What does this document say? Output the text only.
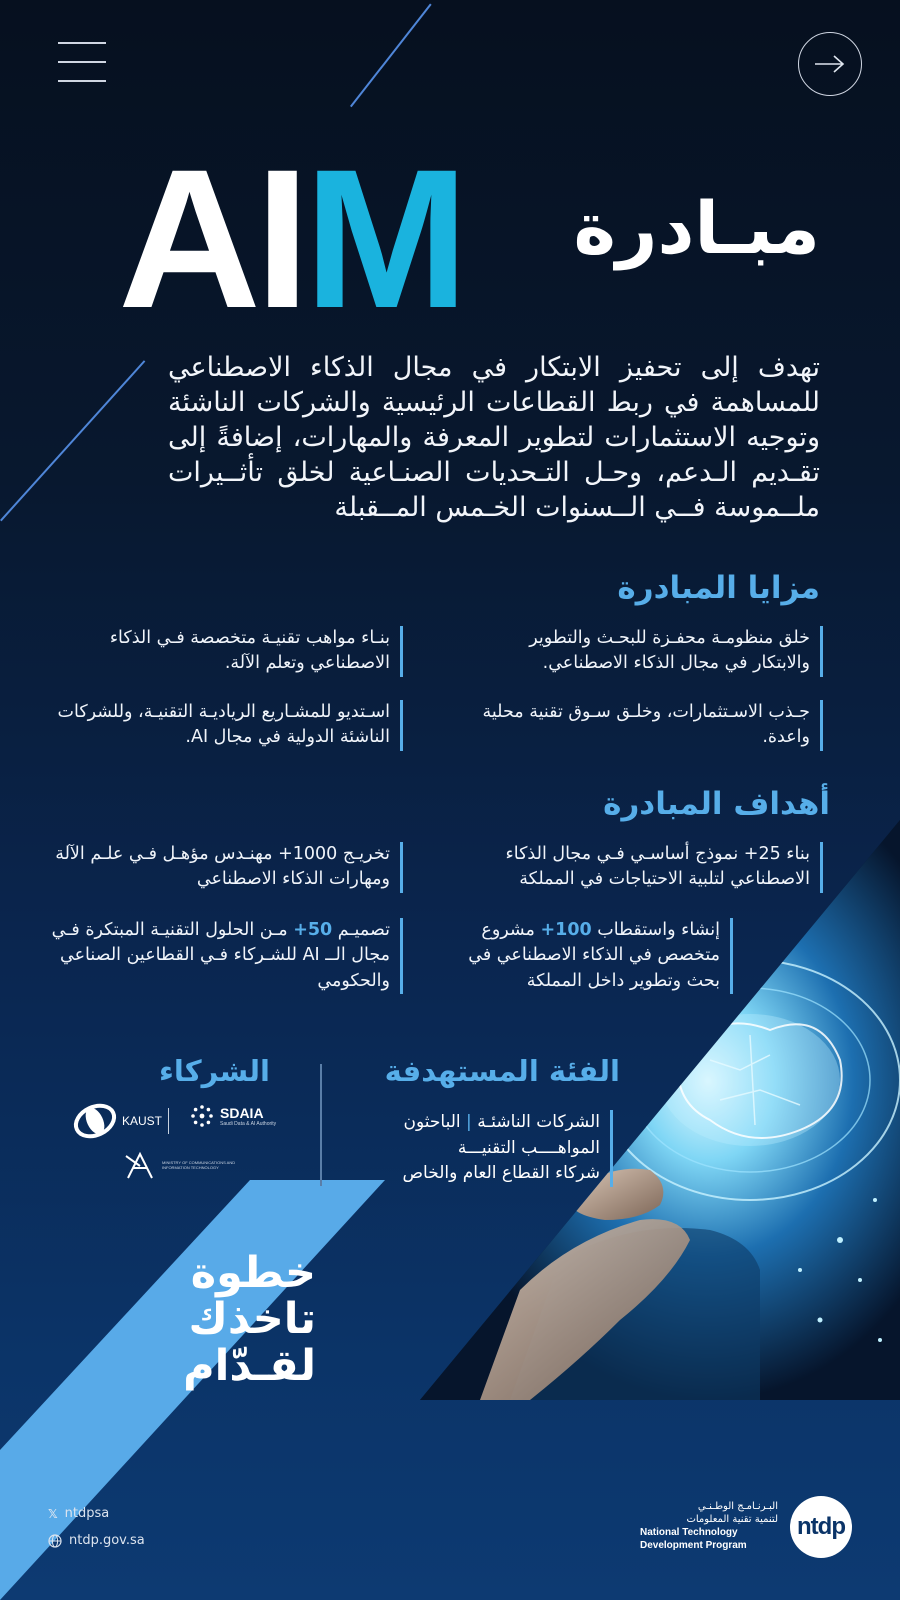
AIM مبـادرة
تهدف إلى تحفيز الابتكار في مجال الذكاء الاصطناعي للمساهمة في ربط القطاعات الرئيسية والشركات الناشئة وتوجيه الاستثمارات لتطوير المعرفة والمهارات، إضافةً إلى تقـديم الـدعم، وحـل التـحديات الصنـاعية لخلق تأثــيرات ملــموسة فــي الــسنوات الخـمس المــقبلة
مزايا المبادرة
خلق منظومـة محفـزة للبحـث والتطوير والابتكار في مجال الذكاء الاصطناعي.
بنـاء مواهب تقنيـة متخصصة فـي الذكاء الاصطناعي وتعلم الآلة.
جـذب الاسـتثمارات، وخلـق سـوق تقنية محلية واعدة.
اسـتديو للمشـاريع الرياديـة التقنيـة، وللشركات الناشئة الدولية في مجال AI.
أهداف المبادرة
بناء 25+ نموذج أساسـي فـي مجال الذكاء الاصطناعي لتلبية الاحتياجات في المملكة
تخريـج 1000+ مهنـدس مؤهـل فـي علـم الآلة ومهارات الذكاء الاصطناعي
إنشاء واستقطاب 100+ مشروع متخصص في الذكاء الاصطناعي في بحث وتطوير داخل المملكة
تصميـم 50+ مـن الحلول التقنيـة المبتكرة فـي مجال الــ AI للشـركاء فـي القطاعين الصناعي والحكومي
الفئة المستهدفة
الشركات الناشئـة | الباحثون
المواهــــب التقنيـــة
شركاء القطاع العام والخاص
الشركاء
KAUST	SDAIA
Saudi Data & AI Authority
MINISTRY OF COMMUNICATIONS AND INFORMATION TECHNOLOGY
خطوة تاخذك
لقـدّام
𝕏 ntdpsa
ntdp.gov.sa
البـرنـامـج الوطـنـي
لتنمية تقنية المعلومات
National Technology
Development Program
ntdp
